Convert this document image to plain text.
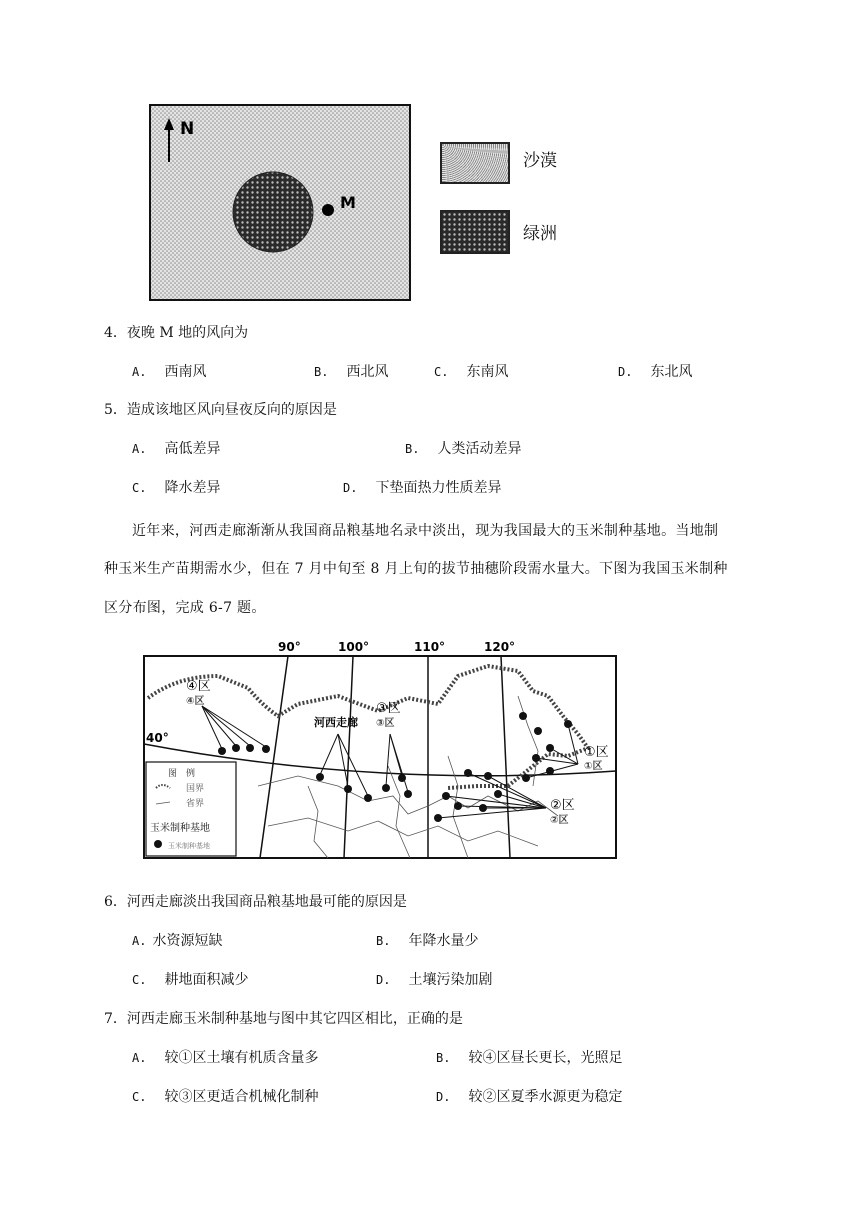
N
M
沙漠
绿洲
4．夜晚 M 地的风向为
A. 西南风	B. 西北风	C. 东南风	D. 东北风
5．造成该地区风向昼夜反向的原因是
A. 高低差异	B. 人类活动差异
C. 降水差异	D. 下垫面热力性质差异
近年来，河西走廊渐渐从我国商品粮基地名录中淡出，现为我国最大的玉米制种基地。当地制
种玉米生产苗期需水少，但在 7 月中旬至 8 月上旬的拔节抽穗阶段需水量大。下图为我国玉米制种
区分布图，完成 6-7 题。
90°	100°	110°	120°
40°
④区
④区	③区
③区
河西走廊
①区
①区
②区
②区
图　例
国界
省界
玉米制种基地
玉米制种基地
6．河西走廊淡出我国商品粮基地最可能的原因是
A. 水资源短缺	B. 年降水量少
C. 耕地面积减少	D. 土壤污染加剧
7．河西走廊玉米制种基地与图中其它四区相比，正确的是
A. 较①区土壤有机质含量多	B. 较④区昼长更长，光照足
C. 较③区更适合机械化制种	D. 较②区夏季水源更为稳定
